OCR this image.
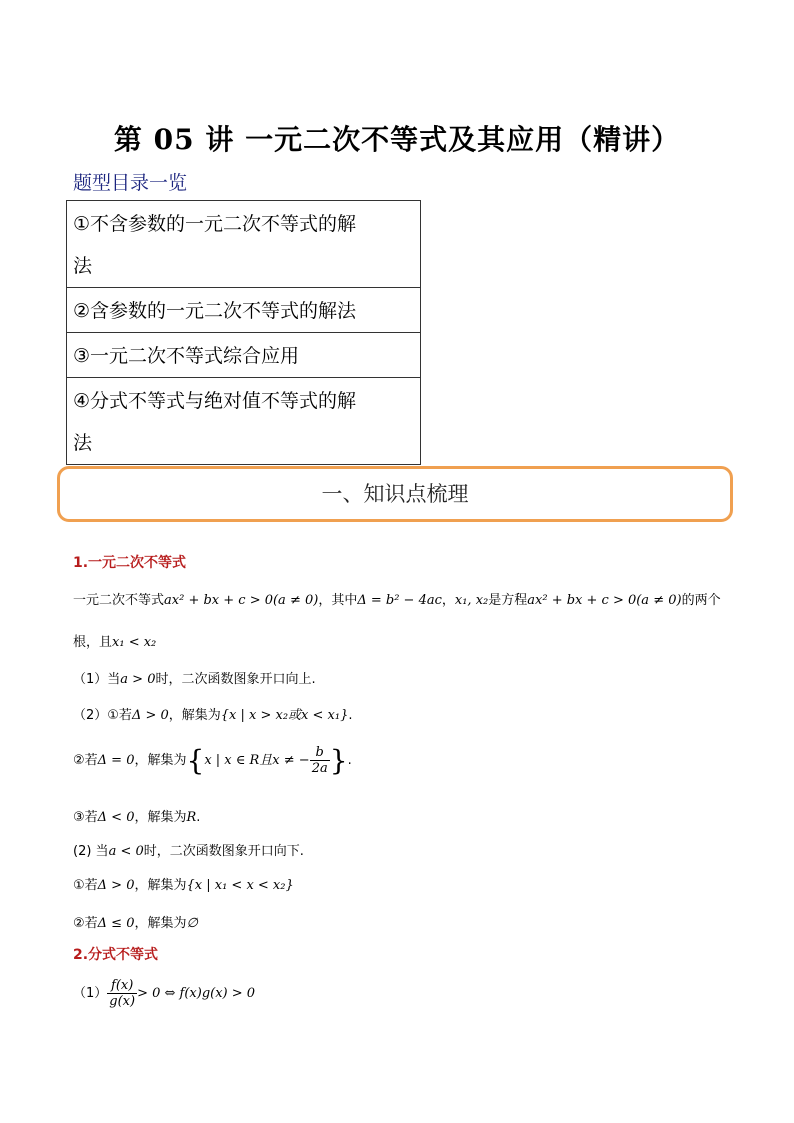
第 05 讲 一元二次不等式及其应用（精讲）
题型目录一览
①不含参数的一元二次不等式的解
法
②含参数的一元二次不等式的解法
③一元二次不等式综合应用
④分式不等式与绝对值不等式的解
法
一、知识点梳理
1.一元二次不等式
一元二次不等式ax² + bx + c > 0(a ≠ 0)，其中Δ = b² − 4ac，x₁, x₂是方程ax² + bx + c > 0(a ≠ 0)的两个
根，且x₁ < x₂
（1）当a > 0时，二次函数图象开口向上.
（2）①若Δ > 0，解集为{x | x > x₂或x < x₁}.
②若Δ = 0，解集为{x | x ∈ R且x ≠ − $\frac{b}{2a}$ }.
③若Δ < 0，解集为R.
(2) 当a < 0时，二次函数图象开口向下.
①若Δ > 0，解集为{x | x₁ < x < x₂}
②若Δ ≤ 0，解集为∅
2.分式不等式
$(1) \frac{f(x)}{g(x)} > 0$ ⇔ f(x)g(x) > 0
